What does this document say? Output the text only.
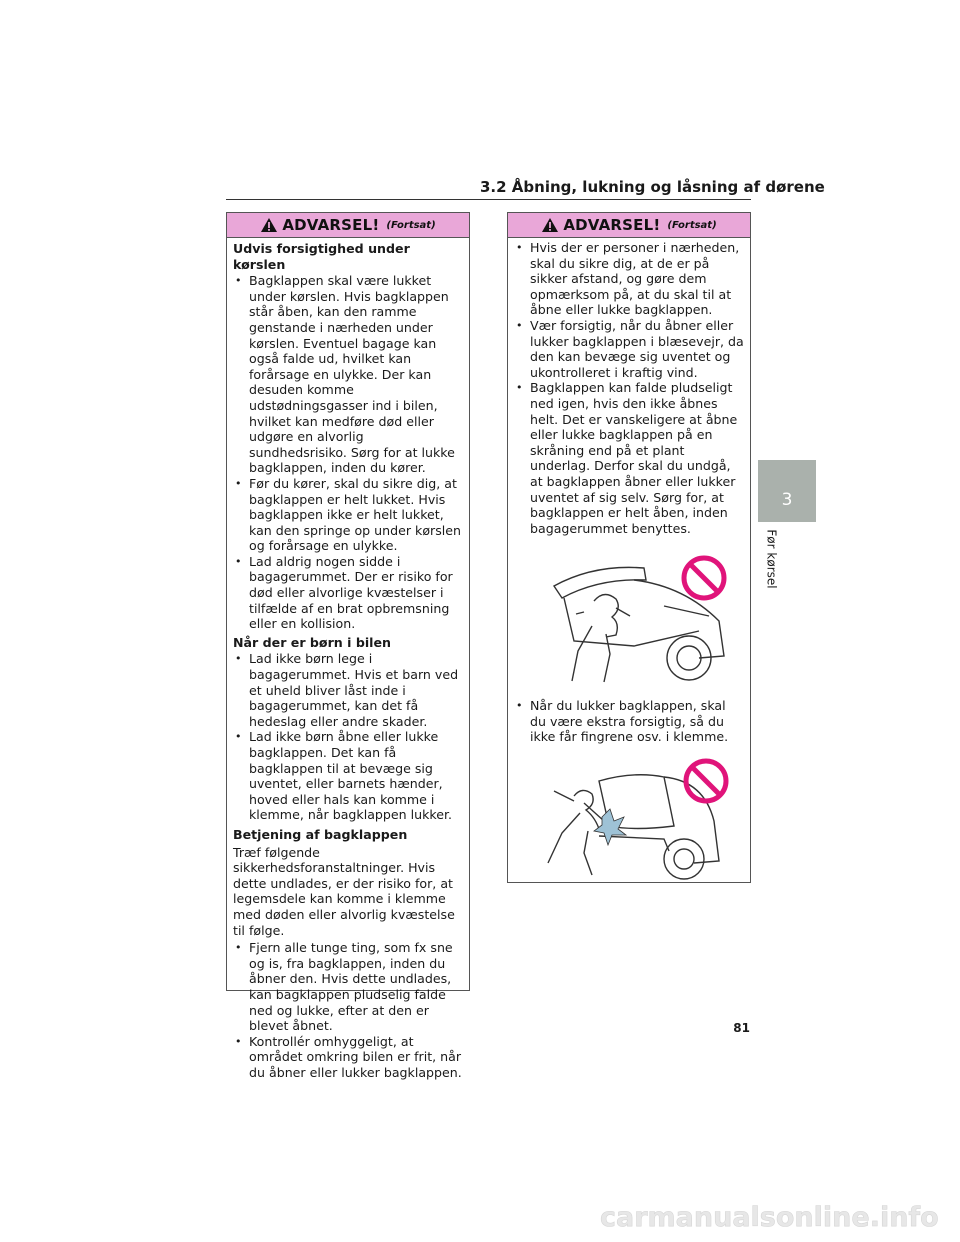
3.2 Åbning, lukning og låsning af dørene
ADVARSEL! (Fortsat)
Udvis forsigtighed under kørslen
• Bagklappen skal være lukket under kørslen. Hvis bagklappen står åben, kan den ramme genstande i nærheden under kørslen. Eventuel bagage kan også falde ud, hvilket kan forårsage en ulykke. Der kan desuden komme udstødningsgasser ind i bilen, hvilket kan medføre død eller udgøre en alvorlig sundhedsrisiko. Sørg for at lukke bagklappen, inden du kører.
• Før du kører, skal du sikre dig, at bagklappen er helt lukket. Hvis bagklappen ikke er helt lukket, kan den springe op under kørslen og forårsage en ulykke.
• Lad aldrig nogen sidde i bagagerummet. Der er risiko for død eller alvorlige kvæstelser i tilfælde af en brat opbremsning eller en kollision.
Når der er børn i bilen
• Lad ikke børn lege i bagagerummet. Hvis et barn ved et uheld bliver låst inde i bagagerummet, kan det få hedeslag eller andre skader.
• Lad ikke børn åbne eller lukke bagklappen. Det kan få bagklappen til at bevæge sig uventet, eller barnets hænder, hoved eller hals kan komme i klemme, når bagklappen lukker.
Betjening af bagklappen
Træf følgende sikkerhedsforanstaltninger. Hvis dette undlades, er der risiko for, at legemsdele kan komme i klemme med døden eller alvorlig kvæstelse til følge.
• Fjern alle tunge ting, som fx sne og is, fra bagklappen, inden du åbner den. Hvis dette undlades, kan bagklappen pludselig falde ned og lukke, efter at den er blevet åbnet.
• Kontrollér omhyggeligt, at området omkring bilen er frit, når du åbner eller lukker bagklappen.
ADVARSEL! (Fortsat)
• Hvis der er personer i nærheden, skal du sikre dig, at de er på sikker afstand, og gøre dem opmærksom på, at du skal til at åbne eller lukke bagklappen.
• Vær forsigtig, når du åbner eller lukker bagklappen i blæsevejr, da den kan bevæge sig uventet og ukontrolleret i kraftig vind.
• Bagklappen kan falde pludseligt ned igen, hvis den ikke åbnes helt. Det er vanskeligere at åbne eller lukke bagklappen på en skråning end på et plant underlag. Derfor skal du undgå, at bagklappen åbner eller lukker uventet af sig selv. Sørg for, at bagklappen er helt åben, inden bagagerummet benyttes.
• Når du lukker bagklappen, skal du være ekstra forsigtig, så du ikke får fingrene osv. i klemme.
3
Før kørsel
81
carmanualsonline.info
